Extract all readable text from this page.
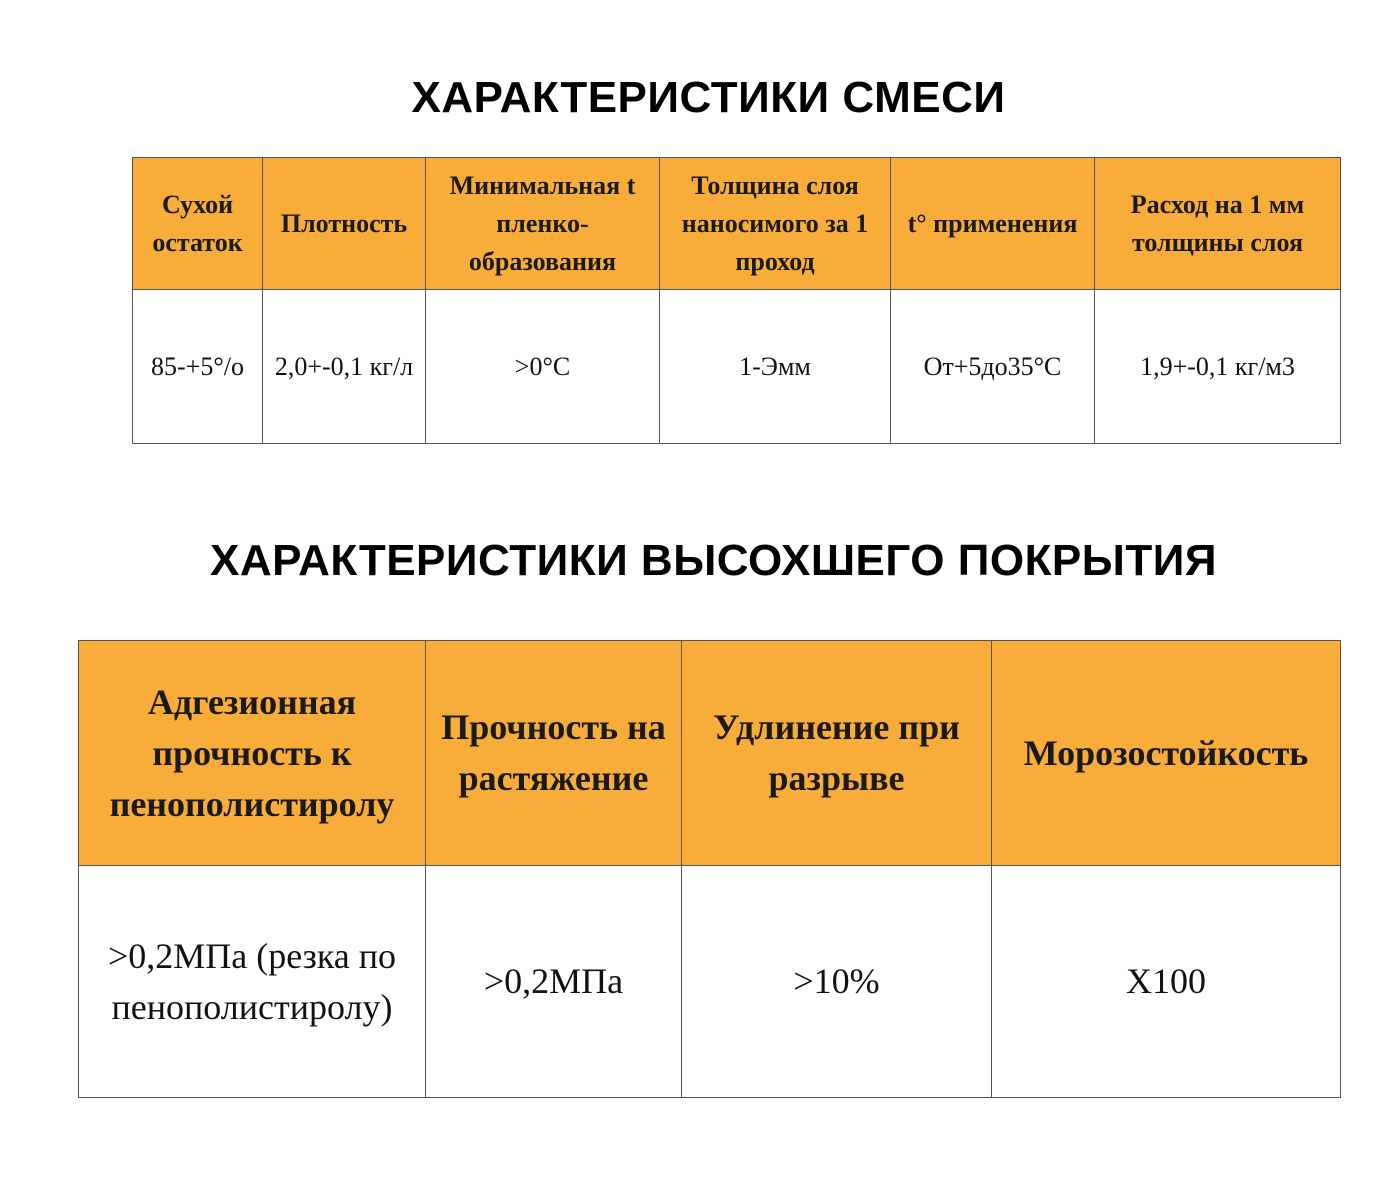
ХАРАКТЕРИСТИКИ СМЕСИ
Сухой остаток	Плотность	Минимальная t пленко-образования	Толщина слоя наносимого за 1 проход	t° применения	Расход на 1 мм толщины слоя
85-+5°/о	2,0+-0,1 кг/л	>0°С	1-Эмм	От+5до35°С	1,9+-0,1 кг/м3
ХАРАКТЕРИСТИКИ ВЫСОХШЕГО ПОКРЫТИЯ
Адгезионная прочность к пенополистиролу	Прочность на растяжение	Удлинение при разрыве	Морозостойкость
>0,2МПа (резка по пенополистиролу)	>0,2МПа	>10%	Х100
